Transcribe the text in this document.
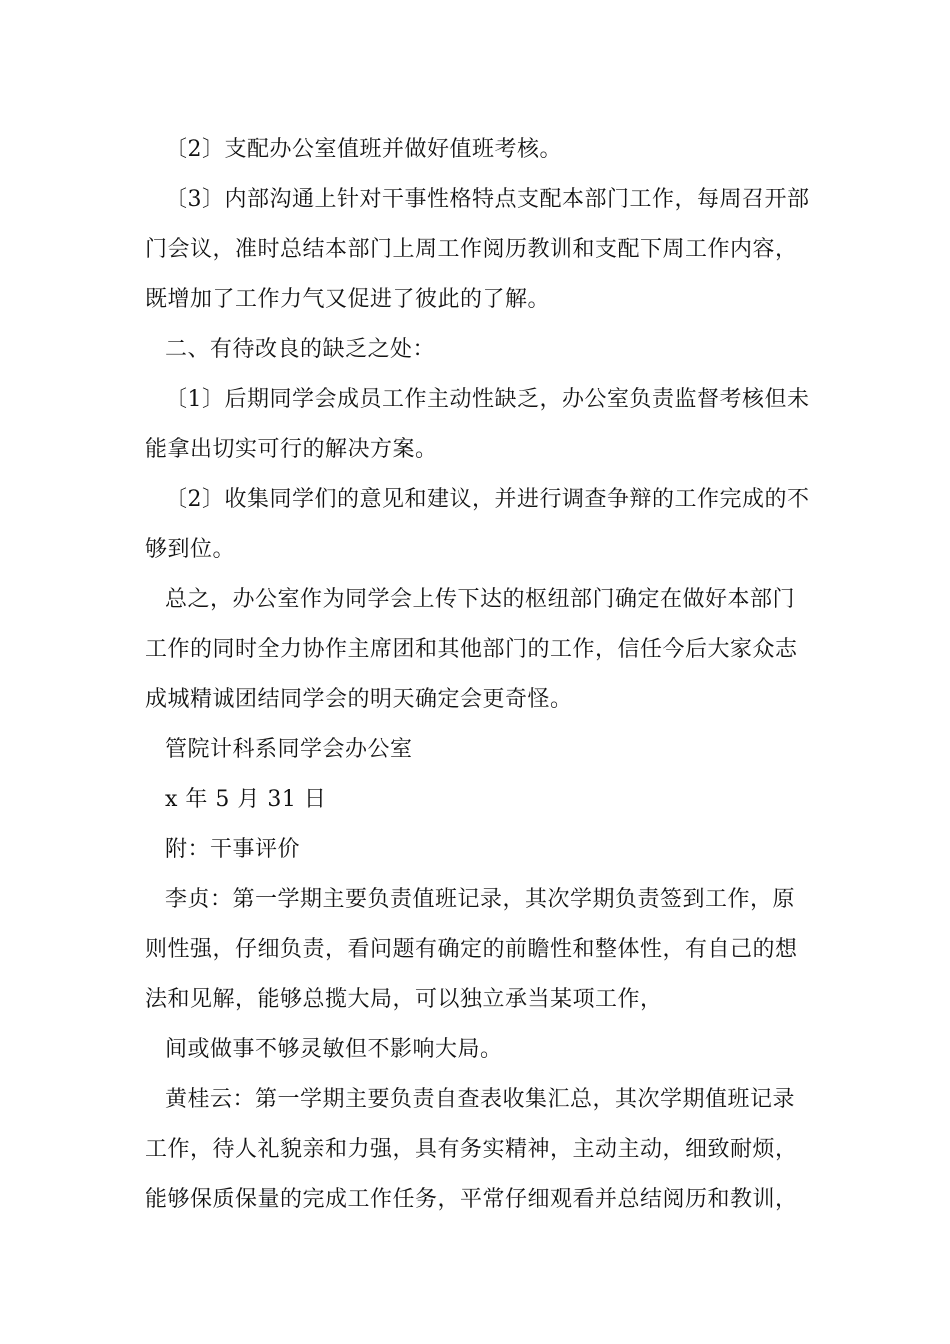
〔2〕支配办公室值班并做好值班考核。
〔3〕内部沟通上针对干事性格特点支配本部门工作，每周召开部
门会议，准时总结本部门上周工作阅历教训和支配下周工作内容，
既增加了工作力气又促进了彼此的了解。
二、有待改良的缺乏之处：
〔1〕后期同学会成员工作主动性缺乏，办公室负责监督考核但未
能拿出切实可行的解决方案。
〔2〕收集同学们的意见和建议，并进行调查争辩的工作完成的不
够到位。
总之，办公室作为同学会上传下达的枢纽部门确定在做好本部门
工作的同时全力协作主席团和其他部门的工作，信任今后大家众志
成城精诚团结同学会的明天确定会更奇怪。
管院计科系同学会办公室
x 年 5 月 31 日
附：干事评价
李贞：第一学期主要负责值班记录，其次学期负责签到工作，原
则性强，仔细负责，看问题有确定的前瞻性和整体性，有自己的想
法和见解，能够总揽大局，可以独立承当某项工作，
间或做事不够灵敏但不影响大局。
黄桂云：第一学期主要负责自查表收集汇总，其次学期值班记录
工作，待人礼貌亲和力强，具有务实精神，主动主动，细致耐烦，
能够保质保量的完成工作任务，平常仔细观看并总结阅历和教训，
